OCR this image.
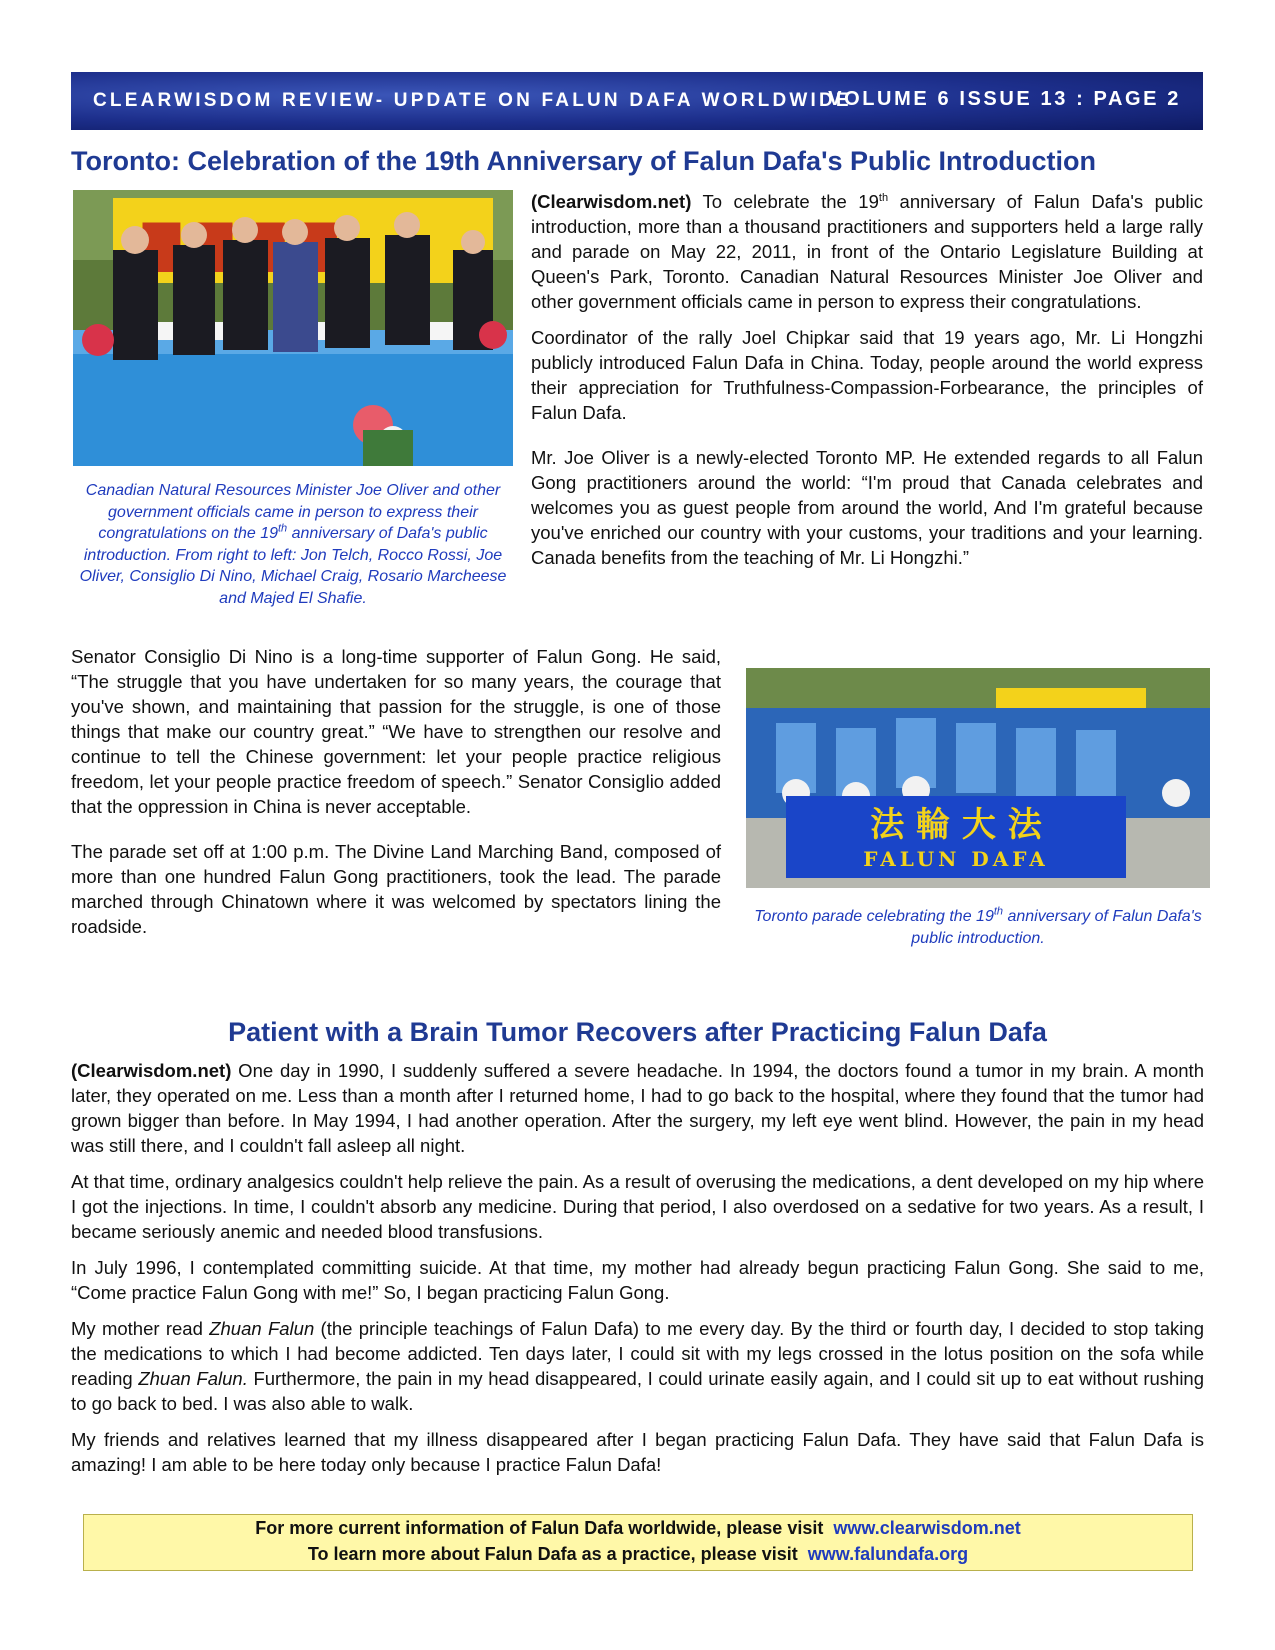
CLEARWISDOM REVIEW- UPDATE ON FALUN DAFA WORLDWIDE
VOLUME 6 ISSUE 13 : PAGE 2
Toronto: Celebration of the 19th Anniversary of Falun Dafa's Public Introduction
▇ ▇
Canadian Natural Resources Minister Joe Oliver and other government officials came in person to express their congratulations on the 19th anniversary of Dafa's public introduction. From right to left: Jon Telch, Rocco Rossi, Joe Oliver, Consiglio Di Nino, Michael Craig, Rosario Marcheese and Majed El Shafie.

(Clearwisdom.net) To celebrate the 19th anniversary of Falun Dafa's public introduction, more than a thousand practitioners and supporters held a large rally and parade on May 22, 2011, in front of the Ontario Legislature Building at Queen's Park, Toronto. Canadian Natural Resources Minister Joe Oliver and other government officials came in person to express their congratulations.

Coordinator of the rally Joel Chipkar said that 19 years ago, Mr. Li Hongzhi publicly introduced Falun Dafa in China. Today, people around the world express their appreciation for Truthfulness-Compassion-Forbearance, the principles of Falun Dafa.

Mr. Joe Oliver is a newly-elected Toronto MP. He extended regards to all Falun Gong practitioners around the world: “I'm proud that Canada celebrates and welcomes you as guest people from around the world, And I'm grateful because you've enriched our country with your customs, your traditions and your learning. Canada benefits from the teaching of Mr. Li Hongzhi.”

Senator Consiglio Di Nino is a long-time supporter of Falun Gong. He said, “The struggle that you have undertaken for so many years, the courage that you've shown, and maintaining that passion for the struggle, is one of those things that make our country great.” “We have to strengthen our resolve and continue to tell the Chinese government: let your people practice religious freedom, let your people practice freedom of speech.” Senator Consiglio added that the oppression in China is never acceptable.

The parade set off at 1:00 p.m. The Divine Land Marching Band, composed of more than one hundred Falun Gong practitioners, took the lead. The parade marched through Chinatown where it was welcomed by spectators lining the roadside.

法 輪 大 法
FALUN DAFA
Toronto parade celebrating the 19th anniversary of Falun Dafa's public introduction.
Patient with a Brain Tumor Recovers after Practicing Falun Dafa

(Clearwisdom.net) One day in 1990, I suddenly suffered a severe headache. In 1994, the doctors found a tumor in my brain. A month later, they operated on me. Less than a month after I returned home, I had to go back to the hospital, where they found that the tumor had grown bigger than before. In May 1994, I had another operation. After the surgery, my left eye went blind. However, the pain in my head was still there, and I couldn't fall asleep all night.

At that time, ordinary analgesics couldn't help relieve the pain. As a result of overusing the medications, a dent developed on my hip where I got the injections. In time, I couldn't absorb any medicine. During that period, I also overdosed on a sedative for two years. As a result, I became seriously anemic and needed blood transfusions.

In July 1996, I contemplated committing suicide. At that time, my mother had already begun practicing Falun Gong. She said to me, “Come practice Falun Gong with me!” So, I began practicing Falun Gong.

My mother read Zhuan Falun (the principle teachings of Falun Dafa) to me every day. By the third or fourth day, I decided to stop taking the medications to which I had become addicted. Ten days later, I could sit with my legs crossed in the lotus position on the sofa while reading Zhuan Falun. Furthermore, the pain in my head disappeared, I could urinate easily again, and I could sit up to eat without rushing to go back to bed. I was also able to walk.

My friends and relatives learned that my illness disappeared after I began practicing Falun Dafa. They have said that Falun Dafa is amazing! I am able to be here today only because I practice Falun Dafa!

For more current information of Falun Dafa worldwide, please visit www.clearwisdom.net
To learn more about Falun Dafa as a practice, please visit www.falundafa.org
